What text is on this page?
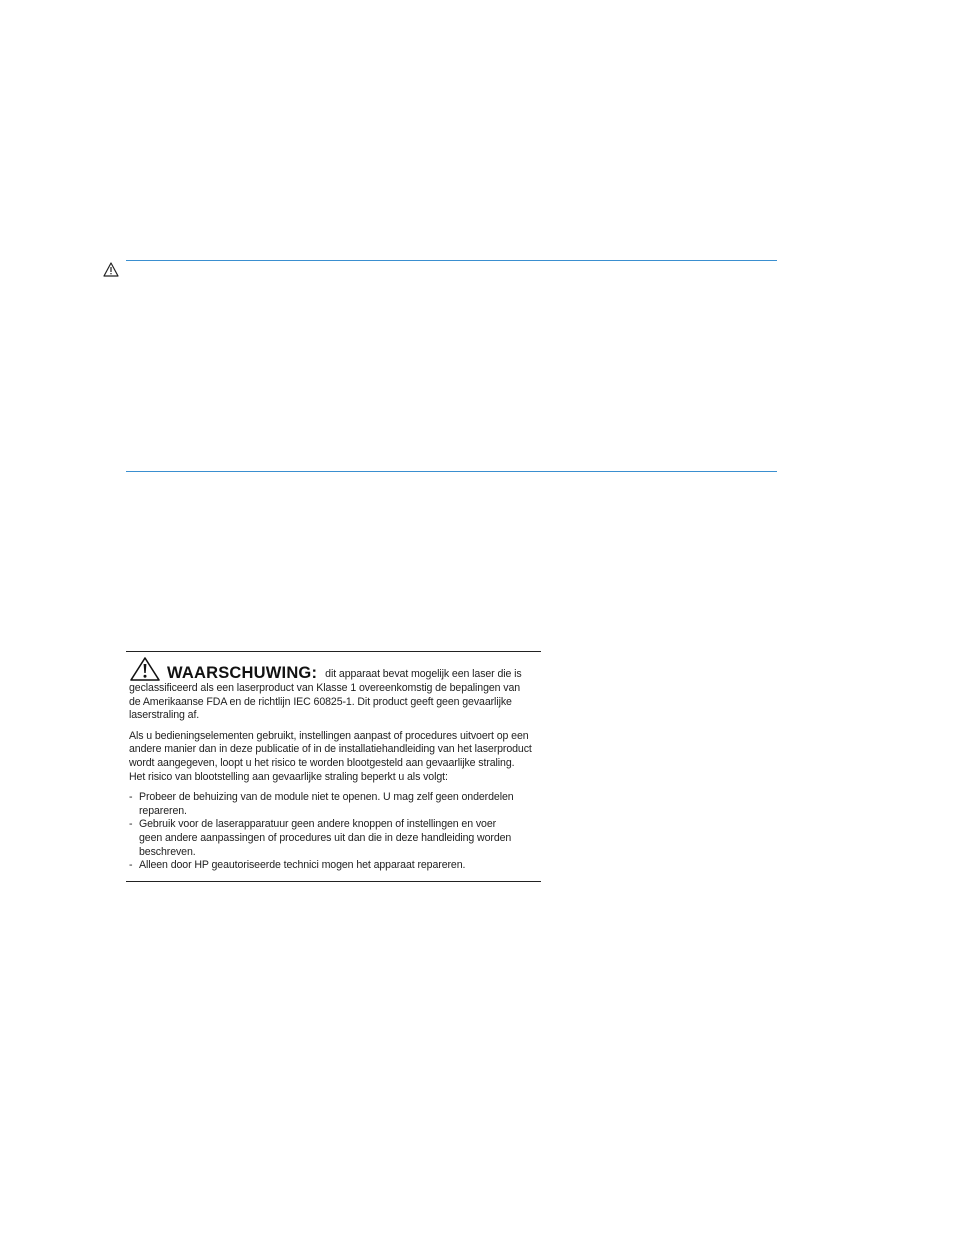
WAARSCHUWING: dit apparaat bevat mogelijk een laser die is

geclassificeerd als een laserproduct van Klasse 1 overeenkomstig de bepalingen van
de Amerikaanse FDA en de richtlijn IEC 60825-1. Dit product geeft geen gevaarlijke
laserstraling af.

Als u bedieningselementen gebruikt, instellingen aanpast of procedures uitvoert op een
andere manier dan in deze publicatie of in de installatiehandleiding van het laserproduct
wordt aangegeven, loopt u het risico te worden blootgesteld aan gevaarlijke straling.
Het risico van blootstelling aan gevaarlijke straling beperkt u als volgt:

- Probeer de behuizing van de module niet te openen. U mag zelf geen onderdelen
repareren.
- Gebruik voor de laserapparatuur geen andere knoppen of instellingen en voer
geen andere aanpassingen of procedures uit dan die in deze handleiding worden
beschreven.
- Alleen door HP geautoriseerde technici mogen het apparaat repareren.
